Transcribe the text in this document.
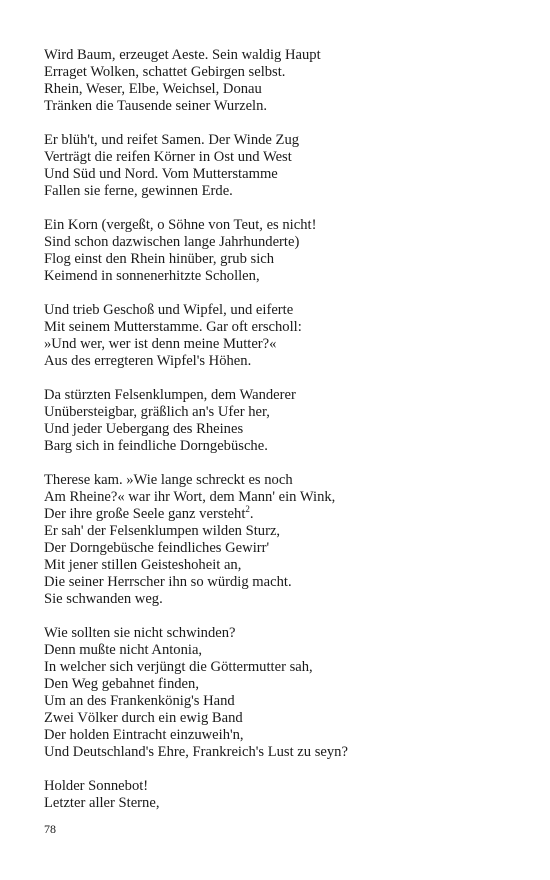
Wird Baum, erzeuget Aeste. Sein waldig Haupt
Erraget Wolken, schattet Gebirgen selbst.
Rhein, Weser, Elbe, Weichsel, Donau
Tränken die Tausende seiner Wurzeln.
Er blüh't, und reifet Samen. Der Winde Zug
Verträgt die reifen Körner in Ost und West
Und Süd und Nord. Vom Mutterstamme
Fallen sie ferne, gewinnen Erde.
Ein Korn (vergeßt, o Söhne von Teut, es nicht!
Sind schon dazwischen lange Jahrhunderte)
Flog einst den Rhein hinüber, grub sich
Keimend in sonnenerhitzte Schollen,
Und trieb Geschoß und Wipfel, und eiferte
Mit seinem Mutterstamme. Gar oft erscholl:
»Und wer, wer ist denn meine Mutter?«
Aus des erregteren Wipfel's Höhen.
Da stürzten Felsenklumpen, dem Wanderer
Unübersteigbar, gräßlich an's Ufer her,
Und jeder Uebergang des Rheines
Barg sich in feindliche Dorngebüsche.
Therese kam. »Wie lange schreckt es noch
Am Rheine?« war ihr Wort, dem Mann' ein Wink,
Der ihre große Seele ganz versteht$^2$.
Er sah' der Felsenklumpen wilden Sturz,
Der Dorngebüsche feindliches Gewirr'
Mit jener stillen Geisteshoheit an,
Die seiner Herrscher ihn so würdig macht.
Sie schwanden weg.
Wie sollten sie nicht schwinden?
Denn mußte nicht Antonia,
In welcher sich verjüngt die Göttermutter sah,
Den Weg gebahnet finden,
Um an des Frankenkönig's Hand
Zwei Völker durch ein ewig Band
Der holden Eintracht einzuweih'n,
Und Deutschland's Ehre, Frankreich's Lust zu seyn?
Holder Sonnebot!
Letzter aller Sterne,
78
